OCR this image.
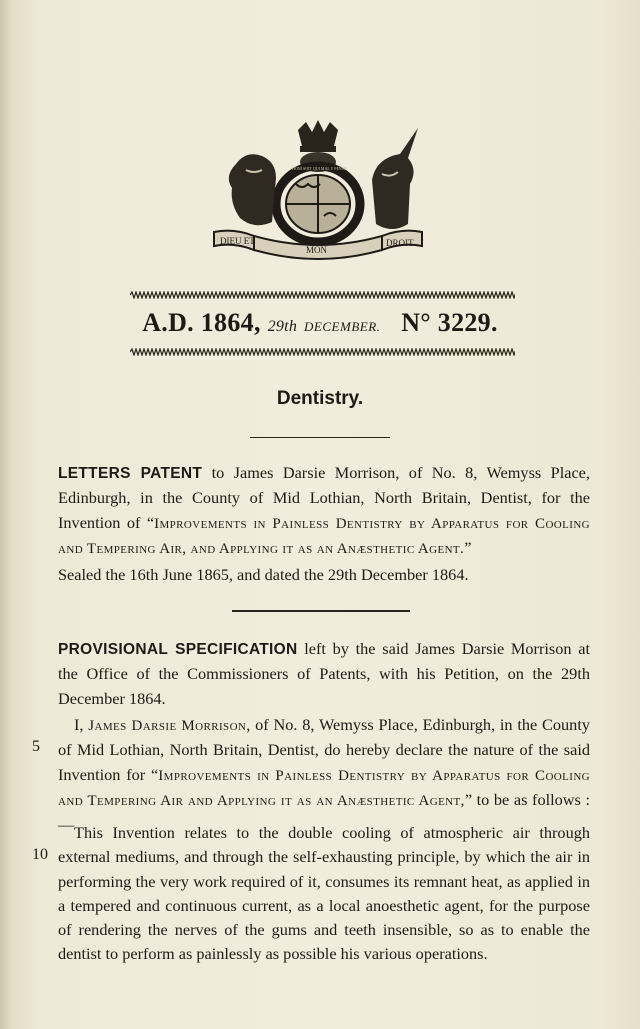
DIEU ET
MON
DROIT
HONI SOIT QUI MAL Y PENSE
A.D. 1864, 29th DECEMBER. N° 3229.
Dentistry.
LETTERS PATENT to James Darsie Morrison, of No. 8, Wemyss Place, Edinburgh, in the County of Mid Lothian, North Britain, Dentist, for the Invention of “Improvements in Painless Dentistry by Apparatus for Cooling and Tempering Air, and Applying it as an Anæsthetic Agent.”
Sealed the 16th June 1865, and dated the 29th December 1864.
PROVISIONAL SPECIFICATION left by the said James Darsie Morrison at the Office of the Commissioners of Patents, with his Petition, on the 29th December 1864.
5
10
I, James Darsie Morrison, of No. 8, Wemyss Place, Edinburgh, in the County of Mid Lothian, North Britain, Dentist, do hereby declare the nature of the said Invention for “Improvements in Painless Dentistry by Apparatus for Cooling and Tempering Air and Applying it as an Anæsthetic Agent,” to be as follows :— This Invention relates to the double cooling of atmospheric air through external mediums, and through the self-exhausting principle, by which the air in performing the very work required of it, consumes its remnant heat, as applied in a tempered and continuous current, as a local anoesthetic agent, for the purpose of rendering the nerves of the gums and teeth insensible, so as to enable the dentist to perform as painlessly as possible his various operations.
